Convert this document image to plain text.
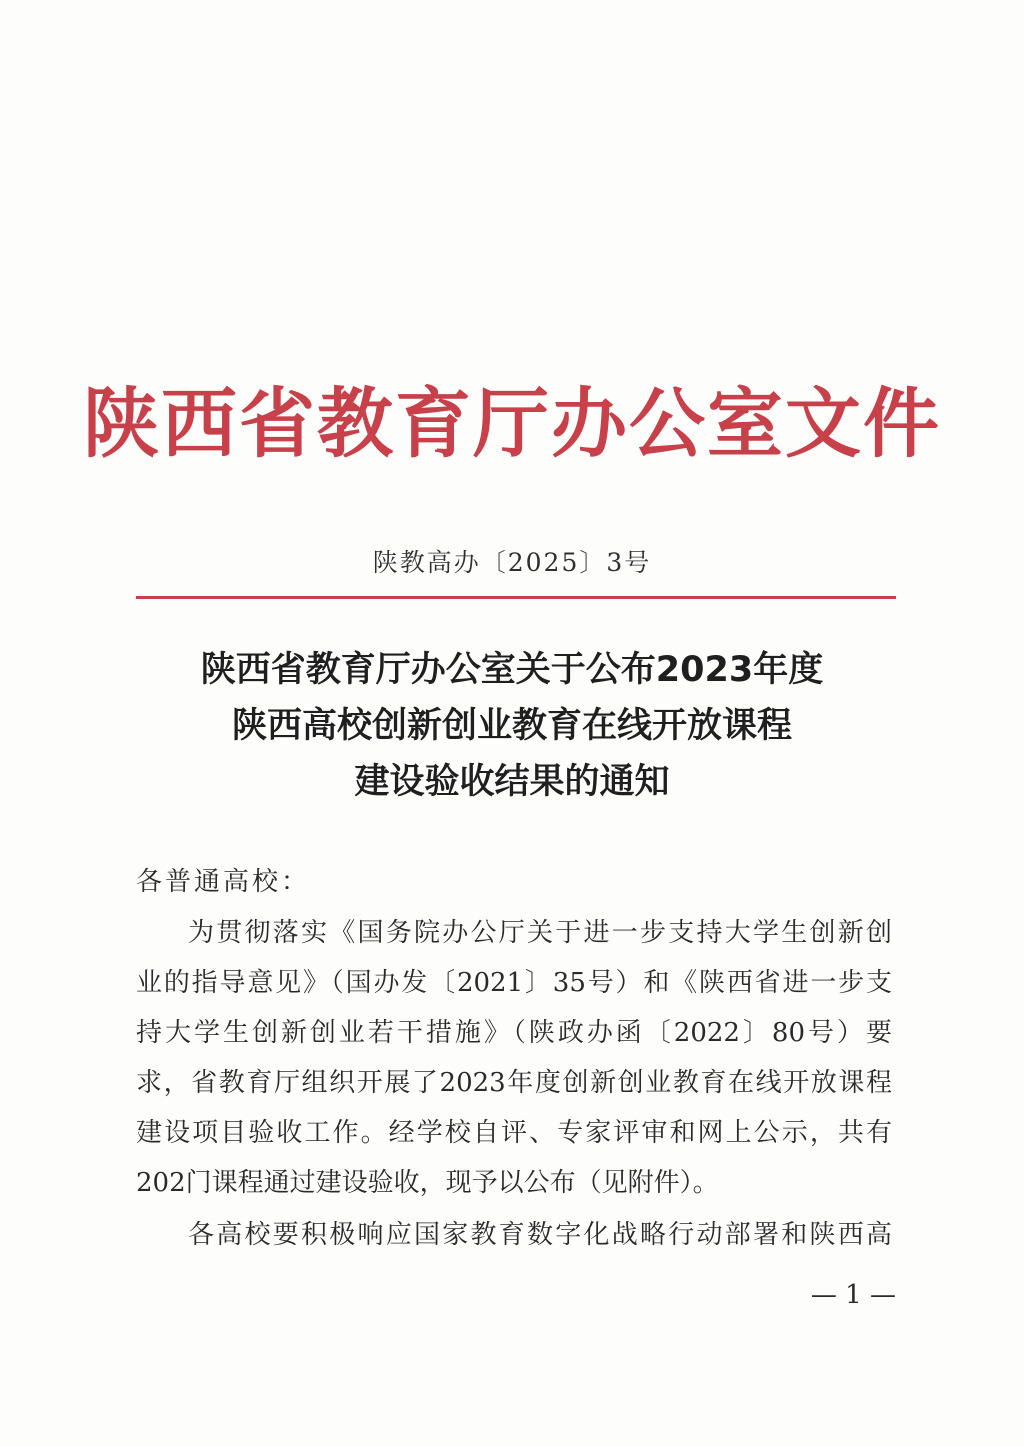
陕西省教育厅办公室文件
陕教高办〔2025〕3号
陕西省教育厅办公室关于公布2023年度
陕西高校创新创业教育在线开放课程
建设验收结果的通知
各普通高校：
为贯彻落实《国务院办公厅关于进一步支持大学生创新创
业的指导意见》（国办发〔2021〕35号）和《陕西省进一步支
持大学生创新创业若干措施》（陕政办函〔2022〕80号）要
求，省教育厅组织开展了2023年度创新创业教育在线开放课程
建设项目验收工作。经学校自评、专家评审和网上公示，共有
202门课程通过建设验收，现予以公布（见附件）。
各高校要积极响应国家教育数字化战略行动部署和陕西高
— 1 —
